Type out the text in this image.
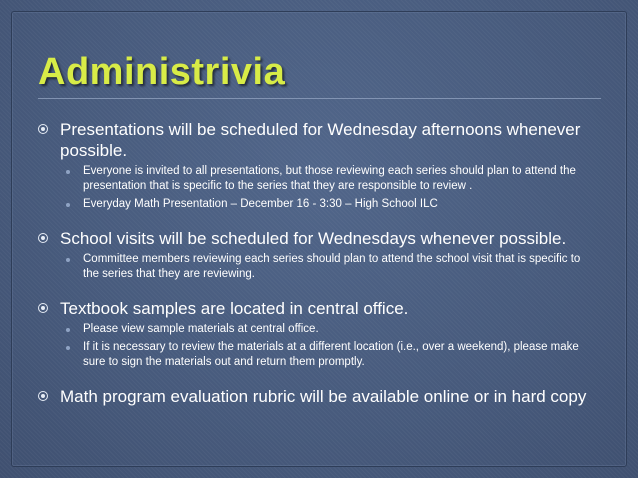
Administrivia
Presentations will be scheduled for Wednesday afternoons whenever possible.
Everyone is invited to all presentations, but those reviewing each series should plan to attend the presentation that is specific to the series that they are responsible to review .
Everyday Math Presentation – December 16 - 3:30 – High School ILC
School visits will be scheduled for Wednesdays whenever possible.
Committee members reviewing each series should plan to attend the school visit that is specific to the series that they are reviewing.
Textbook samples are located in central office.
Please view sample materials at central office.
If it is necessary to review the materials at a different location (i.e., over a weekend), please make sure to sign the materials out and return them promptly.
Math program evaluation rubric will be available online or in hard copy
